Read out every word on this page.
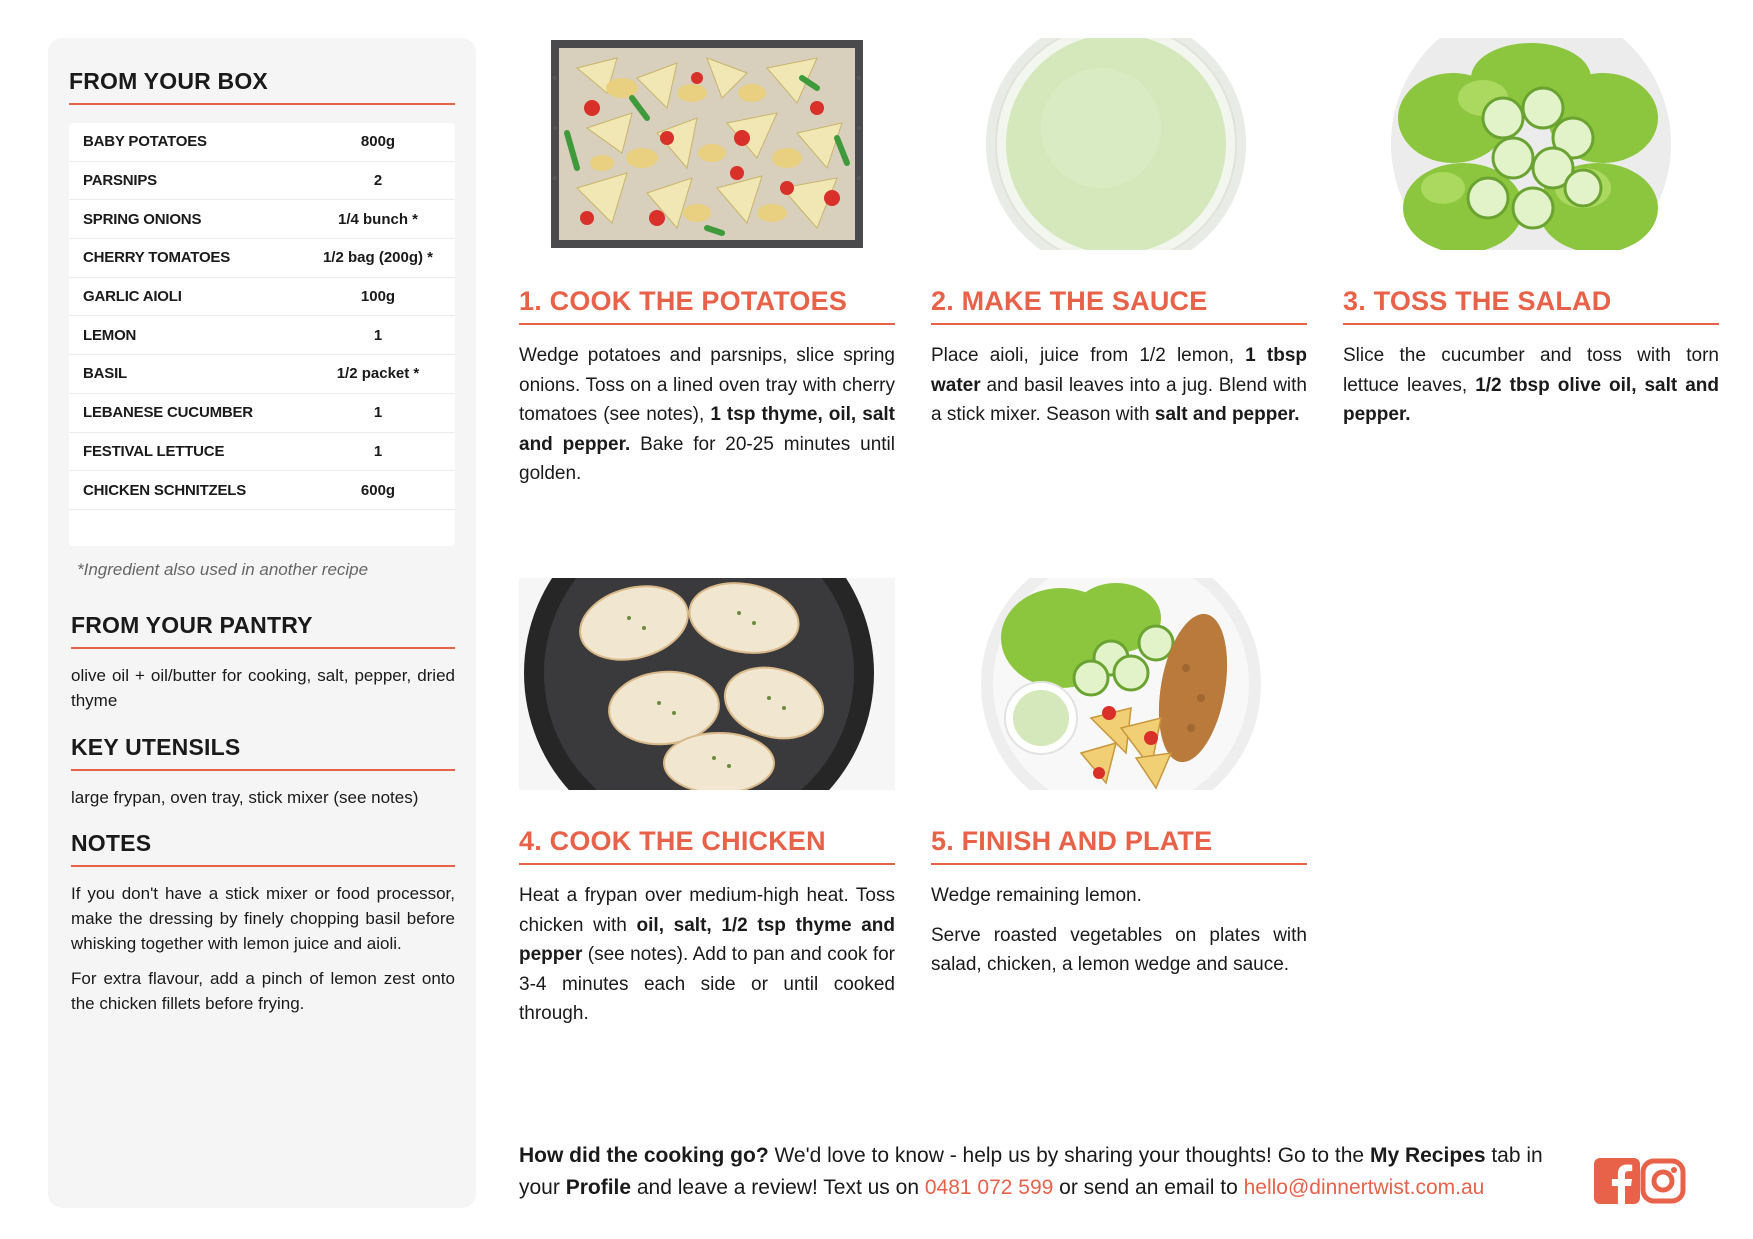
FROM YOUR BOX
BABY POTATOES	800g
PARSNIPS	2
SPRING ONIONS	1/4 bunch *
CHERRY TOMATOES	1/2 bag (200g) *
GARLIC AIOLI	100g
LEMON	1
BASIL	1/2 packet *
LEBANESE CUCUMBER	1
FESTIVAL LETTUCE	1
CHICKEN SCHNITZELS	600g
*Ingredient also used in another recipe
FROM YOUR PANTRY
olive oil + oil/butter for cooking, salt, pepper, dried thyme
KEY UTENSILS
large frypan, oven tray, stick mixer (see notes)
NOTES
If you don't have a stick mixer or food processor, make the dressing by finely chopping basil before whisking together with lemon juice and aioli.
For extra flavour, add a pinch of lemon zest onto the chicken fillets before frying.
1. COOK THE POTATOES
Wedge potatoes and parsnips, slice spring onions. Toss on a lined oven tray with cherry tomatoes (see notes), 1 tsp thyme, oil, salt and pepper. Bake for 20-25 minutes until golden.
2. MAKE THE SAUCE
Place aioli, juice from 1/2 lemon, 1 tbsp water and basil leaves into a jug. Blend with a stick mixer. Season with salt and pepper.
3. TOSS THE SALAD
Slice the cucumber and toss with torn lettuce leaves, 1/2 tbsp olive oil, salt and pepper.
4. COOK THE CHICKEN
Heat a frypan over medium-high heat. Toss chicken with oil, salt, 1/2 tsp thyme and pepper (see notes). Add to pan and cook for 3-4 minutes each side or until cooked through.
5. FINISH AND PLATE

Wedge remaining lemon.

Serve roasted vegetables on plates with salad, chicken, a lemon wedge and sauce.

How did the cooking go? We'd love to know - help us by sharing your thoughts! Go to the My Recipes tab in your Profile and leave a review! Text us on 0481 072 599 or send an email to hello@dinnertwist.com.au
